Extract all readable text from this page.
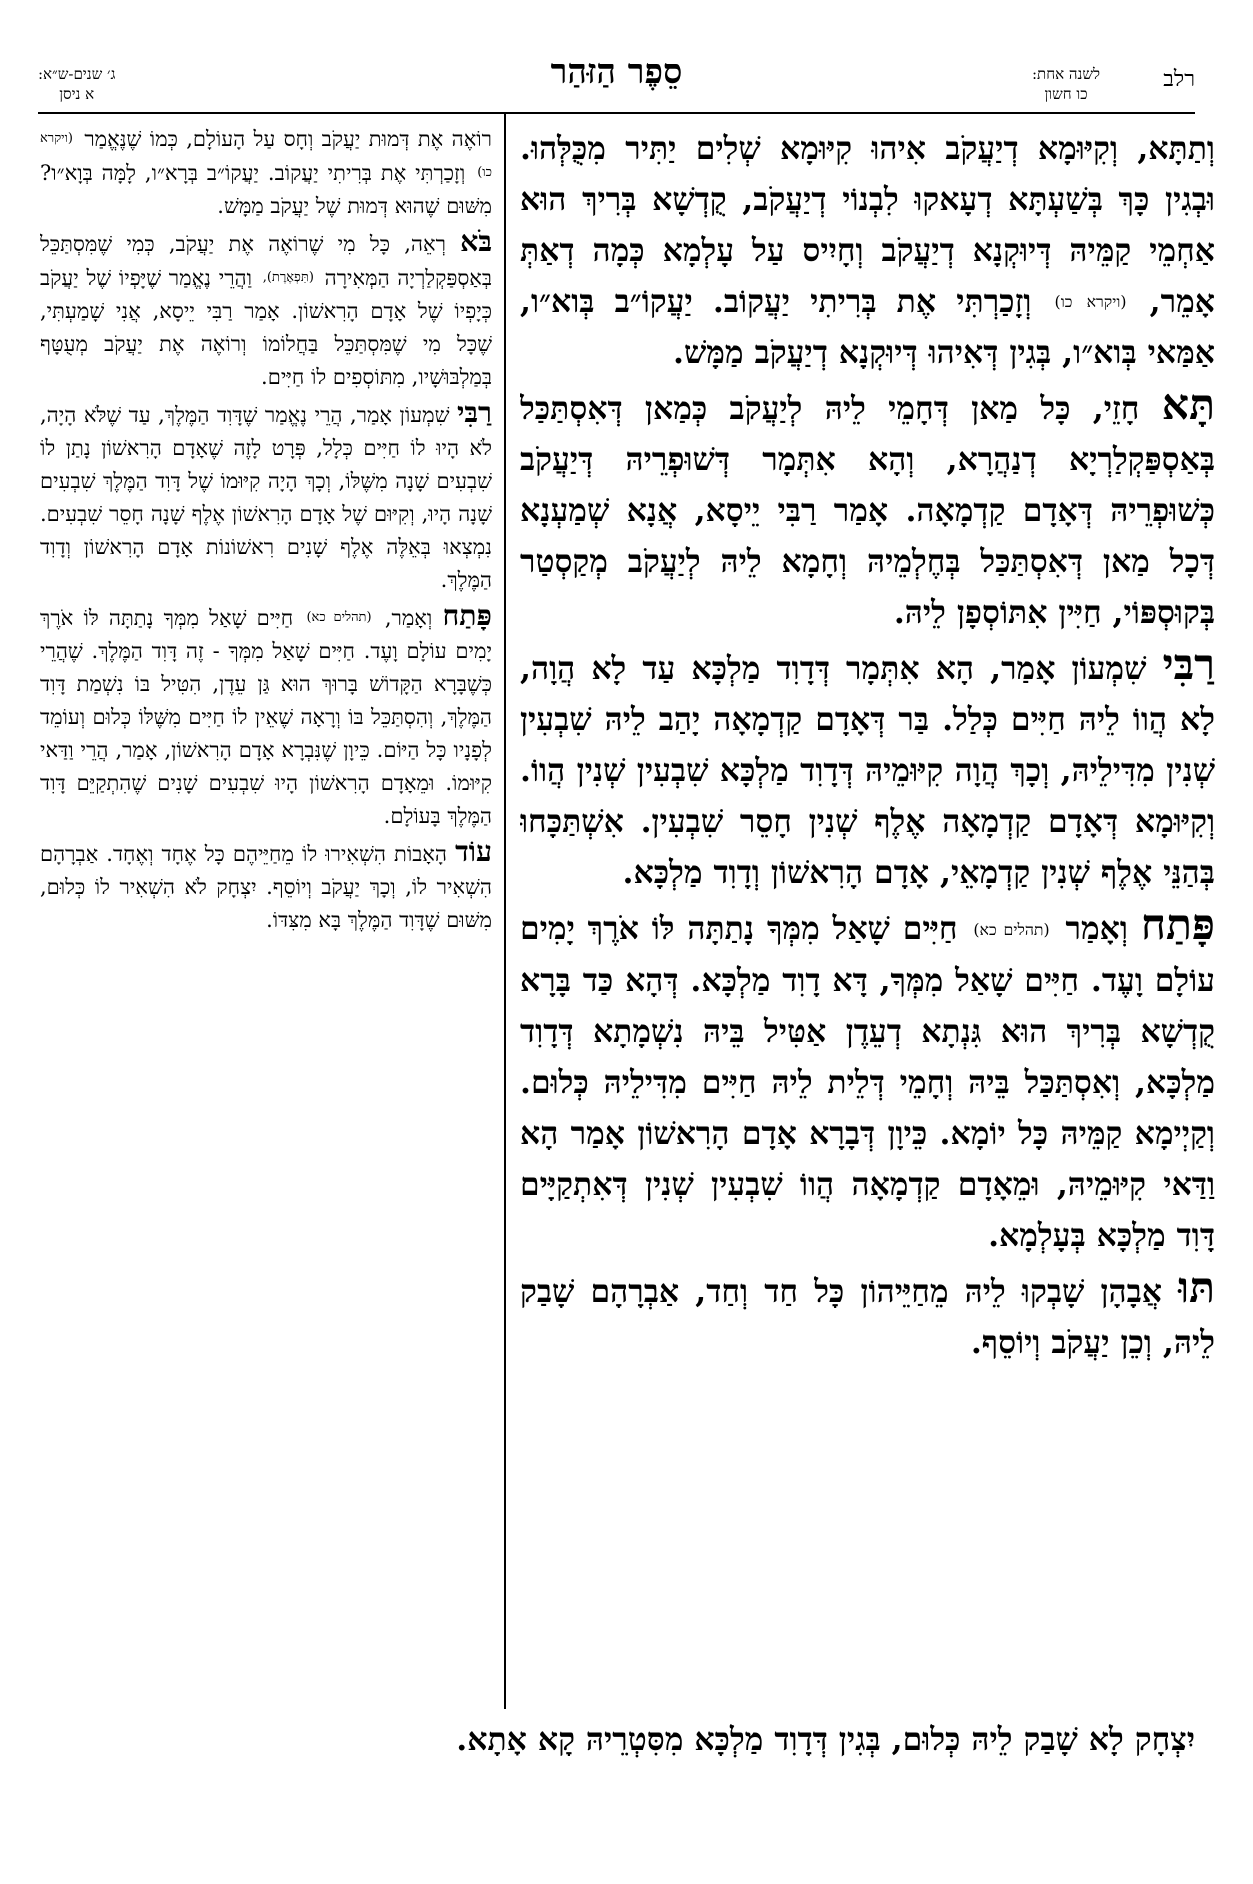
רלב
לשנה אחת:
כו חשון
סֵפֶר הַזּהַר
ג׳ שנים-ש״א:
א ניסן

וְתַתָּא, וְקִיּוּמָא דְיַעֲקֹב אִיהוּ קִיּוּמָא שְׁלִים יַתִּיר מִכֻּלְּהוּ. וּבְגִין כָּךְ בְּשַׁעְתָּא דְעָאקוּ לִבְנוֹי דְיַעֲקֹב, קֻדְשָׁא בְּרִיךְ הוּא אַחְמֵי קַמֵּיהּ דְּיוּקְנָא דְיַעֲקֹב וְחָיִיס עַל עָלְמָא כְּמָה דְאַתְּ אָמֵר, (ויקרא כו) וְזָכַרְתִּי אֶת בְּרִיתִי יַעֲקוֹב. יַעֲקוֹ״ב בְּוא״ו, אַמַּאי בְּוא״ו, בְּגִין דְּאִיהוּ דְּיוּקְנָא דְיַעֲקֹב מַמָּשׁ.

תָּא חָזֵי, כָּל מַאן דְּחָמֵי לֵיהּ לְיַעֲקֹב כְּמַאן דְּאִסְתַּכַּל בְּאַסְפַּקְלַרְיָא דְנַהֲרָא, וְהָא אִתְּמָר דְּשׁוּפְרֵיהּ דְּיַעֲקֹב כְּשׁוּפְרֵיהּ דְּאָדָם קַדְמָאָה. אָמַר רַבִּי יֵיסָא, אֲנָא שְׁמַעְנָא דְּכָל מַאן דְּאִסְתַּכַּל בְּחֶלְמֵיהּ וְחָמָא לֵיהּ לְיַעֲקֹב מְקַסְטַר בְּקוּסְפּוֹי, חַיִּין אִתּוֹסְפָן לֵיהּ.

רַבִּי שִׁמְעוֹן אָמַר, הָא אִתְּמָר דְּדָוִד מַלְכָּא עַד לָא הֲוָה, לָא הֲווֹ לֵיהּ חַיִּים כְּלַל. בַּר דְּאָדָם קַדְמָאָה יָהַב לֵיהּ שִׁבְעִין שְׁנִין מִדִּילֵיהּ, וְכָךְ הֲוָה קִיּוּמֵיהּ דְּדָוִד מַלְכָּא שִׁבְעִין שְׁנִין הֲווֹ. וְקִיּוּמָא דְּאָדָם קַדְמָאָה אֶלֶף שְׁנִין חָסֵר שִׁבְעִין. אִשְׁתַּכָּחוּ בְּהַנֵּי אֶלֶף שְׁנִין קַדְמָאֵי, אָדָם הָרִאשׁוֹן וְדָוִד מַלְכָּא.

פָּתַח וְאָמַר (תהלים כא) חַיִּים שָׁאַל מִמְּךָ נָתַתָּה לּוֹ אֹרֶךְ יָמִים עוֹלָם וָעֶד. חַיִּים שָׁאַל מִמְּךָ, דָּא דָוִד מַלְכָּא. דְּהָא כַּד בָּרָא קֻדְשָׁא בְּרִיךְ הוּא גִּנְתָא דְעֵדֶן אַטִּיל בֵּיהּ נִשְׁמָתָא דְּדָוִד מַלְכָּא, וְאִסְתַּכַּל בֵּיהּ וְחָמֵי דְּלֵית לֵיהּ חַיִּים מִדִּילֵיהּ כְּלוּם. וְקַיְימָא קַמֵּיהּ כָּל יוֹמָא. כֵּיוָן דְּבָרָא אָדָם הָרִאשׁוֹן אָמַר הָא וַדַּאי קִיּוּמֵיהּ, וּמֵאָדָם קַדְמָאָה הֲווֹ שִׁבְעִין שְׁנִין דְּאִתְקַיָּים דָּוִד מַלְכָּא בְּעָלְמָא.

תּוּ אֲבָהָן שָׁבְקוּ לֵיהּ מֵחַיֵּיהוֹן כָּל חַד וְחַד, אַבְרָהָם שָׁבַק לֵיהּ, וְכֵן יַעֲקֹב וְיוֹסֵף.

רוֹאֶה אֶת דְּמוּת יַעֲקֹב וְחָס עַל הָעוֹלָם, כְּמוֹ שֶׁנֶּאֱמַר (ויקרא כו) וְזָכַרְתִּי אֶת בְּרִיתִי יַעֲקוֹב. יַעֲקוֹ״ב בְּרָא״ו, לָמָּה בְּוָא״ו? מִשּׁוּם שֶׁהוּא דְּמוּת שֶׁל יַעֲקֹב מַמָּשׁ.

בֹּא רְאֵה, כָּל מִי שֶׁרוֹאֶה אֶת יַעֲקֹב, כְּמִי שֶׁמִּסְתַּכֵּל בְּאַסְפַּקְלַרְיָה הַמְּאִירָה (תִּפְאֶרֶת), וַהֲרֵי נֶאֱמַר שֶׁיָּפְיוֹ שֶׁל יַעֲקֹב כְּיָפְיוֹ שֶׁל אָדָם הָרִאשׁוֹן. אָמַר רַבִּי יֵיסָא, אֲנִי שָׁמַעְתִּי, שֶׁכָּל מִי שֶׁמִּסְתַּכֵּל בַּחֲלוֹמוֹ וְרוֹאֶה אֶת יַעֲקֹב מְעֻטָּף בְּמַלְבּוּשָׁיו, מִתּוֹסְפִים לוֹ חַיִּים.

רַבִּי שִׁמְעוֹן אָמַר, הֲרֵי נֶאֱמַר שֶׁדָּוִד הַמֶּלֶךְ, עַד שֶׁלֹּא הָיָה, לֹא הָיוּ לוֹ חַיִּים כְּלָל, פְּרָט לָזֶה שֶׁאָדָם הָרִאשׁוֹן נָתַן לוֹ שִׁבְעִים שָׁנָה מִשֶּׁלּוֹ, וְכָךְ הָיָה קִיּוּמוֹ שֶׁל דָּוִד הַמֶּלֶךְ שִׁבְעִים שָׁנָה הָיוּ, וְקִיּוּם שֶׁל אָדָם הָרִאשׁוֹן אֶלֶף שָׁנָה חָסֵר שִׁבְעִים. נִמְצְאוּ בְּאֵלֶּה אֶלֶף שָׁנִים רִאשׁוֹנוֹת אָדָם הָרִאשׁוֹן וְדָוִד הַמֶּלֶךְ.

פָּתַח וְאָמַר, (תהלים כא) חַיִּים שָׁאַל מִמְּךָ נָתַתָּה לּוֹ אֹרֶךְ יָמִים עוֹלָם וָעֶד. חַיִּים שָׁאַל מִמְּךָ - זֶה דָּוִד הַמֶּלֶךְ. שֶׁהֲרֵי כְּשֶׁבָּרָא הַקָּדוֹשׁ בָּרוּךְ הוּא גַּן עֵדֶן, הִטִּיל בּוֹ נִשְׁמַת דָּוִד הַמֶּלֶךְ, וְהִסְתַּכֵּל בּוֹ וְרָאָה שֶׁאֵין לוֹ חַיִּים מִשֶּׁלּוֹ כְּלוּם וְעוֹמֵד לְפָנָיו כָּל הַיּוֹם. כֵּיוָן שֶׁנִּבְרָא אָדָם הָרִאשׁוֹן, אָמַר, הֲרֵי וַדַּאי קִיּוּמוֹ. וּמֵאָדָם הָרִאשׁוֹן הָיוּ שִׁבְעִים שָׁנִים שֶׁהִתְקַיֵּם דָּוִד הַמֶּלֶךְ בָּעוֹלָם.

עוֹד הָאָבוֹת הִשְׁאִירוּ לוֹ מֵחַיֵּיהֶם כָּל אֶחָד וְאֶחָד. אַבְרָהָם הִשְׁאִיר לוֹ, וְכָךְ יַעֲקֹב וְיוֹסֵף. יִצְחָק לֹא הִשְׁאִיר לוֹ כְּלוּם, מִשּׁוּם שֶׁדָּוִד הַמֶּלֶךְ בָּא מִצִּדּוֹ.

יִצְחָק לָא שָׁבַק לֵיהּ כְּלוּם, בְּגִין דְּדָוִד מַלְכָּא מִסִּטְרֵיהּ קָא אָתָא.
